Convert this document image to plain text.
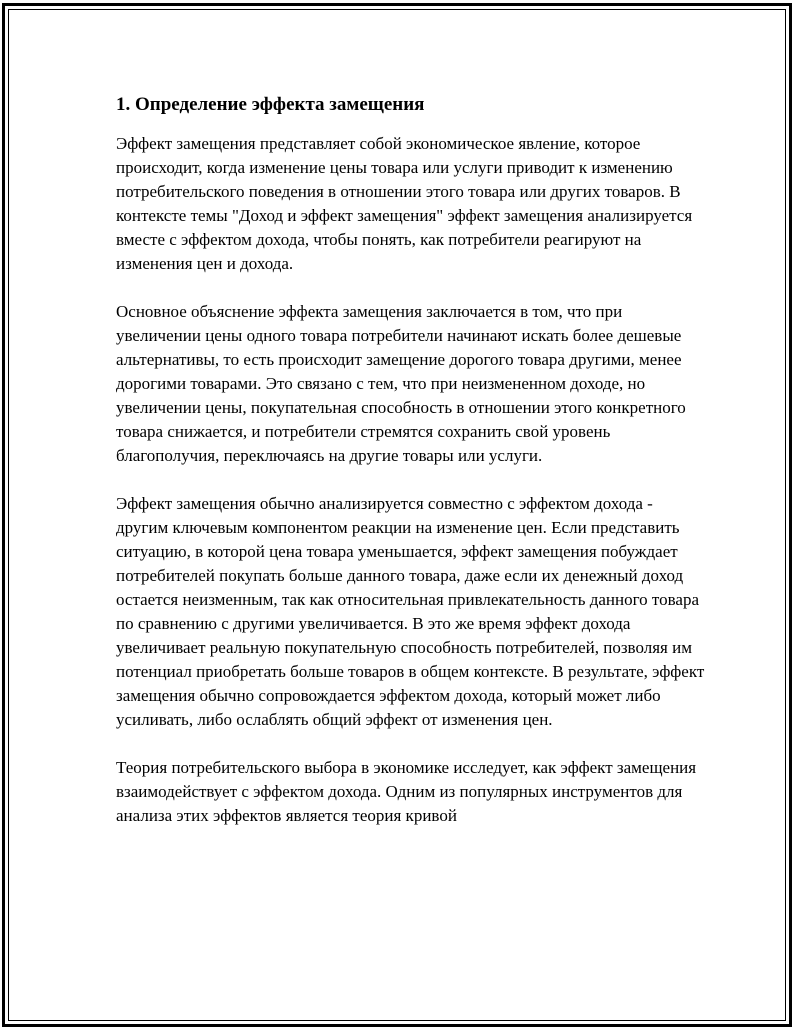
1. Определение эффекта замещения

Эффект замещения представляет собой экономическое явление, которое происходит, когда изменение цены товара или услуги приводит к изменению потребительского поведения в отношении этого товара или других товаров. В контексте темы "Доход и эффект замещения" эффект замещения анализируется вместе с эффектом дохода, чтобы понять, как потребители реагируют на изменения цен и дохода.

Основное объяснение эффекта замещения заключается в том, что при увеличении цены одного товара потребители начинают искать более дешевые альтернативы, то есть происходит замещение дорогого товара другими, менее дорогими товарами. Это связано с тем, что при неизмененном доходе, но увеличении цены, покупательная способность в отношении этого конкретного товара снижается, и потребители стремятся сохранить свой уровень благополучия, переключаясь на другие товары или услуги.

Эффект замещения обычно анализируется совместно с эффектом дохода - другим ключевым компонентом реакции на изменение цен. Если представить ситуацию, в которой цена товара уменьшается, эффект замещения побуждает потребителей покупать больше данного товара, даже если их денежный доход остается неизменным, так как относительная привлекательность данного товара по сравнению с другими увеличивается. В это же время эффект дохода увеличивает реальную покупательную способность потребителей, позволяя им потенциал приобретать больше товаров в общем контексте. В результате, эффект замещения обычно сопровождается эффектом дохода, который может либо усиливать, либо ослаблять общий эффект от изменения цен.

Теория потребительского выбора в экономике исследует, как эффект замещения взаимодействует с эффектом дохода. Одним из популярных инструментов для анализа этих эффектов является теория кривой
